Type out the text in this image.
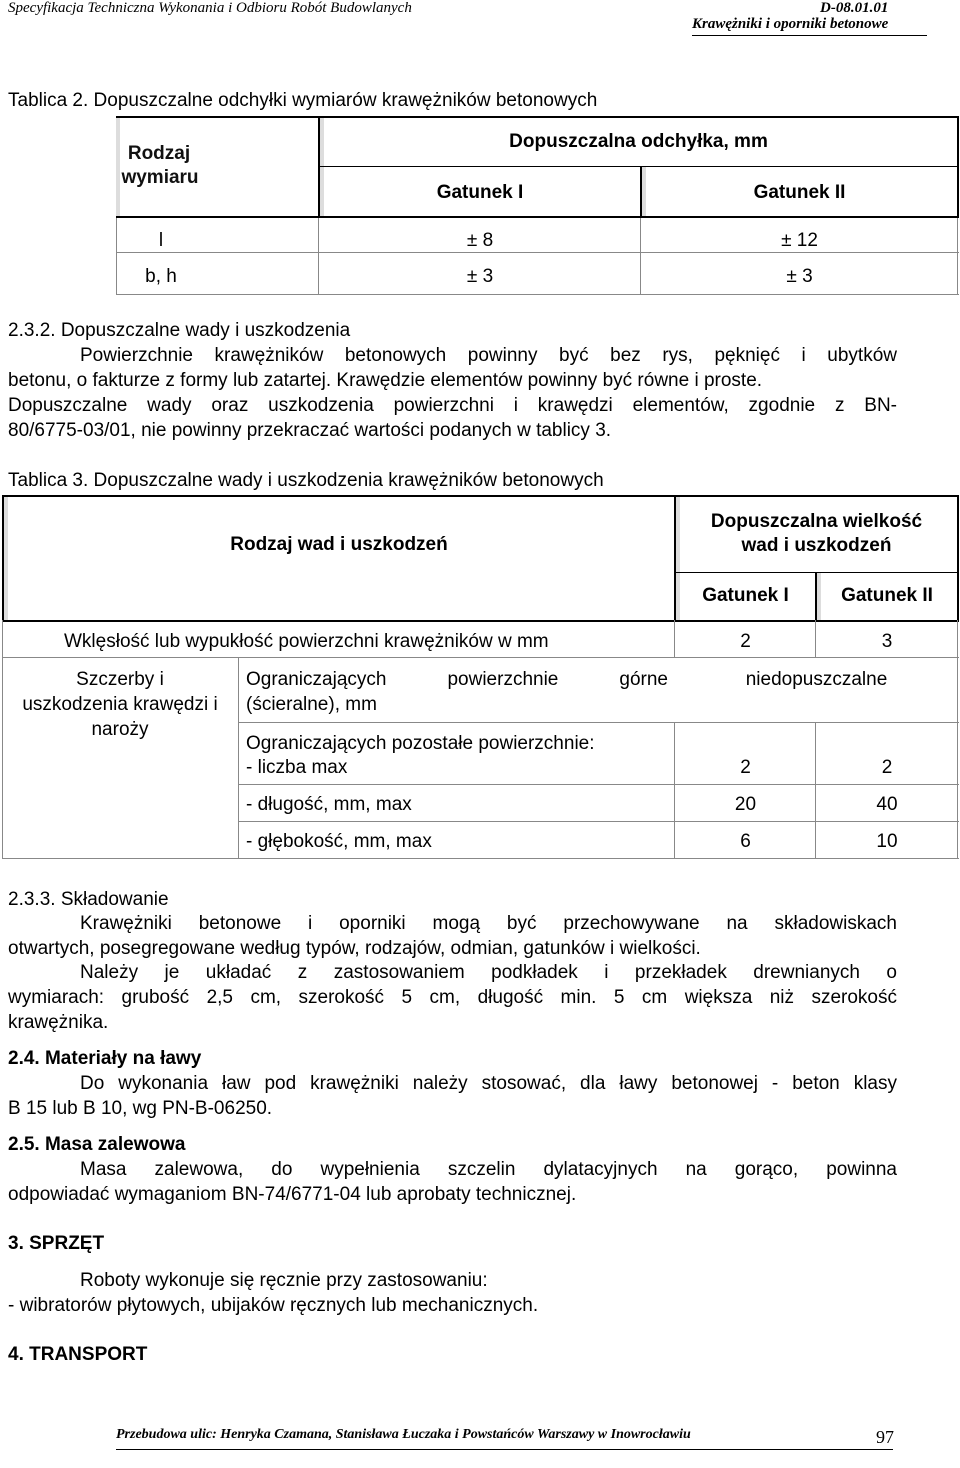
Specyfikacja Techniczna Wykonania i Odbioru Robót Budowlanych	D-08.01.01
Krawężniki i oporniki betonowe
Tablica 2. Dopuszczalne odchyłki wymiarów krawężników betonowych
Rodzaj
wymiaru
Dopuszczalna odchyłka, mm
Gatunek I	Gatunek II
l	± 8	± 12
b, h	± 3	± 3
2.3.2. Dopuszczalne wady i uszkodzenia
Powierzchnie krawężników betonowych powinny być bez rys, pęknięć i ubytków
betonu, o fakturze z formy lub zatartej. Krawędzie elementów powinny być równe i proste.
Dopuszczalne wady oraz uszkodzenia powierzchni i krawędzi elementów, zgodnie z BN-
80/6775-03/01, nie powinny przekraczać wartości podanych w tablicy 3.
Tablica 3. Dopuszczalne wady i uszkodzenia krawężników betonowych
Rodzaj wad i uszkodzeń
Dopuszczalna wielkość
wad i uszkodzeń
Gatunek I	Gatunek II
Wklęsłość lub wypukłość powierzchni krawężników w mm	2	3
Szczerby i
uszkodzenia krawędzi i
naroży
Ograniczających powierzchnie górne
(ścieralne), mm
niedopuszczalne
Ograniczających pozostałe powierzchnie:
- liczba max	2	2
- długość, mm, max	20	40
- głębokość, mm, max	6	10
2.3.3. Składowanie
Krawężniki betonowe i oporniki mogą być przechowywane na składowiskach
otwartych, posegregowane według typów, rodzajów, odmian, gatunków i wielkości.
Należy je układać z zastosowaniem podkładek i przekładek drewnianych o
wymiarach: grubość 2,5 cm, szerokość 5 cm, długość min. 5 cm większa niż szerokość
krawężnika.
2.4. Materiały na ławy
Do wykonania ław pod krawężniki należy stosować, dla ławy betonowej - beton klasy
B 15 lub B 10, wg PN-B-06250.
2.5. Masa zalewowa
Masa zalewowa, do wypełnienia szczelin dylatacyjnych na gorąco, powinna
odpowiadać wymaganiom BN-74/6771-04 lub aprobaty technicznej.
3. SPRZĘT
Roboty wykonuje się ręcznie przy zastosowaniu:
- wibratorów płytowych, ubijaków ręcznych lub mechanicznych.
4. TRANSPORT
Przebudowa ulic: Henryka Czamana, Stanisława Łuczaka i Powstańców Warszawy w Inowrocławiu	97
